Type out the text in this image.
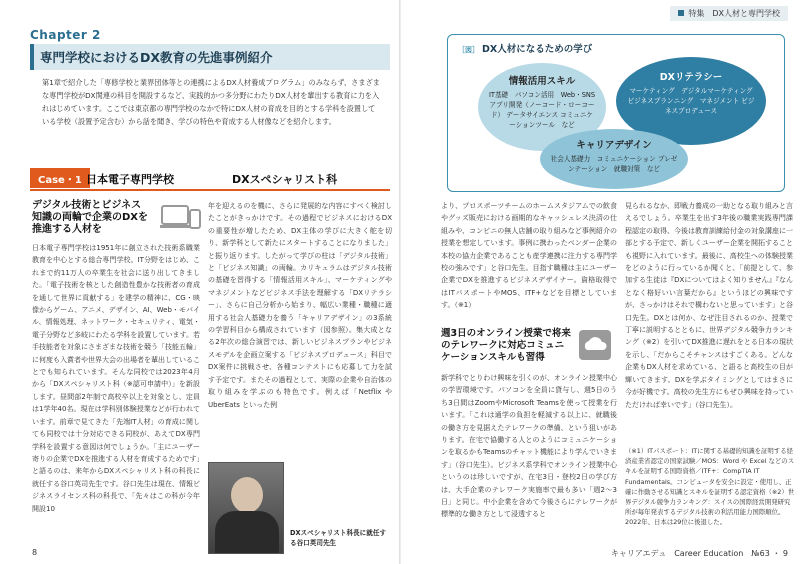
Chapter 2
専門学校におけるDX教育の先進事例紹介
第1章で紹介した「専修学校と業界団体等との連携によるDX人材養成プログラム」のみならず、さまざまな専門学校がDX関連の科目を開設するなど、実践的かつ多分野にわたりDX人材を輩出する教育に力を入れはじめています。ここでは東京都の専門学校のなかで特にDX人材の育成を目的とする学科を設置している学校（設置予定含む）から話を聞き、学びの特色や育成する人材像などを紹介します。
Case・1 日本電子専門学校	DXスペシャリスト科
デジタル技術とビジネス知識の両輪で企業のDXを推進する人材を
日本電子専門学校は1951年に創立された技術系職業教育を中心とする総合専門学校。IT分野をはじめ、これまで約11万人の卒業生を社会に送り出してきました。「電子技術を核とした創造性豊かな技術者の育成を通して世界に貢献する」を建学の精神に、CG・映像からゲーム、アニメ、デザイン、AI、Web・モバイル、情報処理、ネットワーク・セキュリティ、電気・電子分野など多岐にわたる学科を設置しています。若手技能者を対象にさまざまな技術を競う「技能五輪」に何度も入賞者や世界大会の出場者を輩出していることでも知られています。そんな同校では2023年4月から「DXスペシャリスト科（※認可申請中）」を新設します。昼間部2年制で高校卒以上を対象とし、定員は1学年40名。現在は学科別体験授業などが行われています。前章で見てきた「先端IT人材」の育成に関しても同校では十分対応できる同校が、あえてDX専門学科を設置する意図は何でしょうか。「主にユーザー寄りの企業でDXを推進する人材を育成するためです」と語るのは、来年からDXスペシャリスト科の科長に就任する谷口英司先生です。谷口先生は現在、情報ビジネスライセンス科の科長で、「先々はこの科が今年開設10
年を迎えるのを機に、さらに発展的な内容にすべく検討したことがきっかけです。その過程でビジネスにおけるDXの重要性が増したため、DX主体の学びに大きく舵を切り、新学科として新たにスタートすることになりました」と振り返ります。したがって学びの柱は「デジタル技術」と「ビジネス知識」の両輪。カリキュラムはデジタル技術の基礎を習得する「情報活用スキル」、マーケティングやマネジメントなどビジネス手法を理解する「DXリテラシー」、さらに自己分析から始まり、幅広い業種・職種に適用する社会人基礎力を養う「キャリアデザイン」の3系統の学習科目から構成されています（図参照）。集大成となる2年次の総合演習では、新しいビジネスプランやビジネスモデルを企画立案する「ビジネスプロデュース」科目でDX案件に挑戦させ、各種コンテストにも応募して力を試す予定です。またその過程として、実際の企業や自治体の取り組みを学ぶのも特色です。例えば「Netflix や UberEats といった例
DXスペシャリスト科長に就任する谷口英司先生
8
特集　DX人材と専門学校
［図］ DX人材になるための学び
情報活用スキル
IT基礎　パソコン活用　Web・SNS アプリ開発（ノーコード・ローコード） データサイエンス コミュニケーションツール　など
DXリテラシー
マーケティング　デジタルマーケティング ビジネスプランニング　マネジメント ビジネスプロデュース
キャリアデザイン
社会人基礎力　コミュニケーション プレゼンテーション　就職対策　など
より、プロスポーツチームのホームスタジアムでの飲食やグッズ販売における画期的なキャッシュレス決済の仕組みや、コンビニの無人店舗の取り組みなど事例紹介の授業を想定しています。事例に携わったベンダー企業の本校の協力企業であることも産学連携に注力する専門学校の強みです」と谷口先生。目指す職種は主にユーザー企業でDXを推進するビジネスデザイナー。資格取得ではITパスポートやMOS、ITF+などを目標としています。（※1）
週3日のオンライン授業で将来のテレワークに対応コミュニケーションスキルも習得
新学科でとりわけ興味を引くのが、オンライン授業中心の学習環境です。パソコンを全員に貸与し、週5日のうち3日間はZoomやMicrosoft Teamsを使って授業を行います。「これは通学の負担を軽減する以上に、就職後の働き方を見据えたテレワークの準備、という狙いがあります。在宅で協働する人とのようにコミュニケーションを取るかもTeamsのチャット機能により学んでいきます」（谷口先生）。ビジネス系学科でオンライン授業中心というのは珍しいですが、在宅3日・登校2日の学び方は、大手企業のテレワーク実施率で最も多い「週2〜3日」と同じ。中小企業を含めて今後さらにテレワークが標準的な働き方として浸透すると
見られるなか、即戦力養成の一助となる取り組みと言えるでしょう。卒業生を出す3年後の職業実践専門課程認定の取得、今後は教育訓練給付金の対象講座に一部とする予定で、新しくユーザー企業を開拓することも視野に入れています。最後に、高校生への体験授業をどのように行っているか聞くと、「前提として、参加する生徒は『DXについてはよく知りません』『なんとなく格好いい言葉だから』というほどの興味ですが、さっかけはそれで構わないと思っています」と谷口先生。DXとは何か、なぜ注目されるのか、授業で丁寧に説明するとともに、世界デジタル競争力ランキング（※2）を引いてDX推進に遅れをとる日本の現状を示し、「だからこそチャンスはすごくある。どんな企業もDX人材を求めている、と語ると高校生の目が輝いてきます。DXを学ぶタイミングとしてはまさに今が好機です。高校の先生方にもぜひ興味を持っていただければ幸いです」（谷口先生）。
（※1）ITパスポート：ITに関する基礎的知識を証明する経済産業省認定の国家試験／MOS：Word や Excel などのスキルを証明する国際資格／ITF+：CompTIA IT Fundamentals。コンピュータを安全に設定・使用し、正確に作動させる知識とスキルを証明する認定資格（※2）世界デジタル競争力ランキング：スイスの国際経営開発研究所が毎年発表するデジタル技術の利活用能力国際順位。2022年、日本は29位に後退した。
キャリアエデュ　Career Education　№63 ・ 9
